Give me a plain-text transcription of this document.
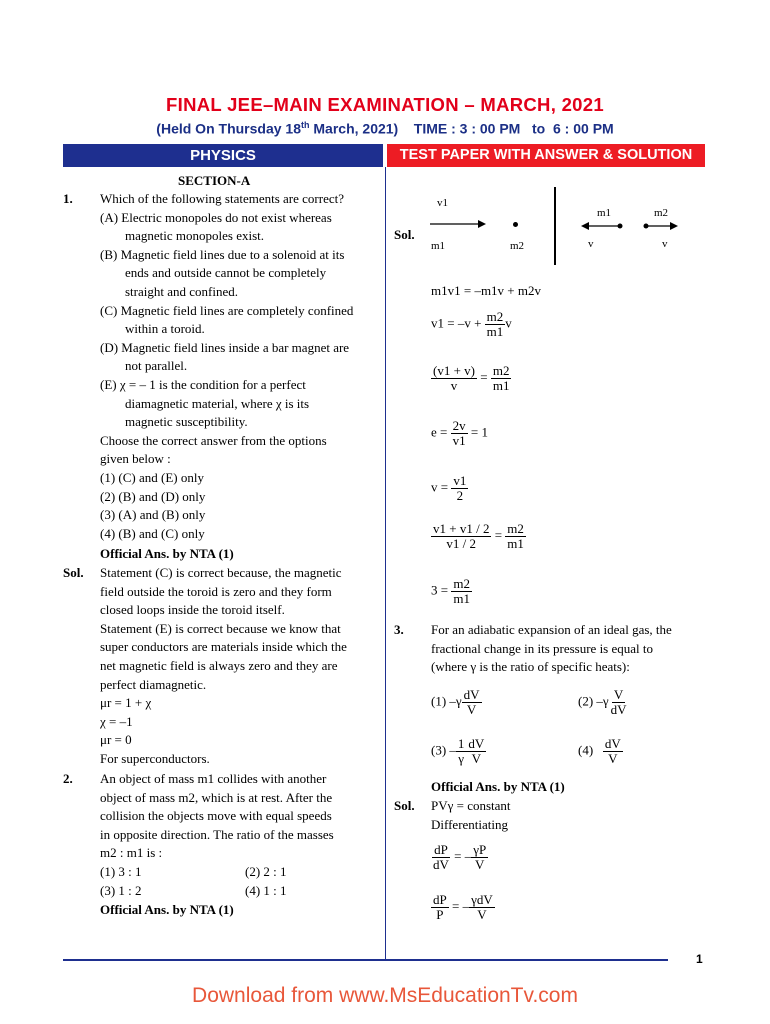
FINAL JEE–MAIN EXAMINATION – MARCH, 2021
(Held On Thursday 18th March, 2021)    TIME : 3 : 00 PM   to  6 : 00 PM
PHYSICS	TEST PAPER WITH ANSWER & SOLUTION
SECTION-A
1. Which of the following statements are correct?
(A) Electric monopoles do not exist whereas
magnetic monopoles exist.
(B) Magnetic field lines due to a solenoid at its
ends and outside cannot be completely
straight and confined.
(C) Magnetic field lines are completely confined
within a toroid.
(D) Magnetic field lines inside a bar magnet are
not parallel.
(E) χ = – 1 is the condition for a perfect
diamagnetic material, where χ is its
magnetic susceptibility.
Choose the correct answer from the options
given below :
(1) (C) and (E) only
(2) (B) and (D) only
(3) (A) and (B) only
(4) (B) and (C) only
Official Ans. by NTA (1)
Sol. Statement (C) is correct because, the magnetic
field outside the toroid is zero and they form
closed loops inside the toroid itself.
Statement (E) is correct because we know that
super conductors are materials inside which the
net magnetic field is always zero and they are
perfect diamagnetic.
μr = 1 + χ
χ = –1
μr = 0
For superconductors.
2. An object of mass m1 collides with another
object of mass m2, which is at rest. After the
collision the objects move with equal speeds
in opposite direction. The ratio of the masses
m2 : m1 is :
(1) 3 : 1	(2) 2 : 1
(3) 1 : 2	(4) 1 : 1
Official Ans. by NTA (1)
Sol.
v1
m1	m2
m1	m2
v	v
m1v1 = –m1v + m2v
$v1 = -v + \frac{m2}{m1}$ v
$\frac{(v1 + v)}{v} = \frac{m2}{m1}$
$e = \frac{2v}{v1} = 1$
$v = \frac{v1}{2}$
$\frac{v1 + v1 / 2}{v1 / 2} = \frac{m2}{m1}$
$3 = \frac{m2}{m1}$
3. For an adiabatic expansion of an ideal gas, the
fractional change in its pressure is equal to
(where γ is the ratio of specific heats):
(1) $-\gamma \frac{dV}{V}$	(2) $-\gamma \frac{V}{dV}$
$(3) - \frac{1}{\gamma} \frac{dV}{V}$	$(4) \frac{dV}{V}$
Official Ans. by NTA (1)
Sol. PVγ = constant
Differentiating
$\frac{dP}{dV}$ = – $\frac{\gamma P}{V}$
$\frac{dP}{P}$ = – $\frac{\text{γdV}}{V}$
1
Download from www.MsEducationTv.com
